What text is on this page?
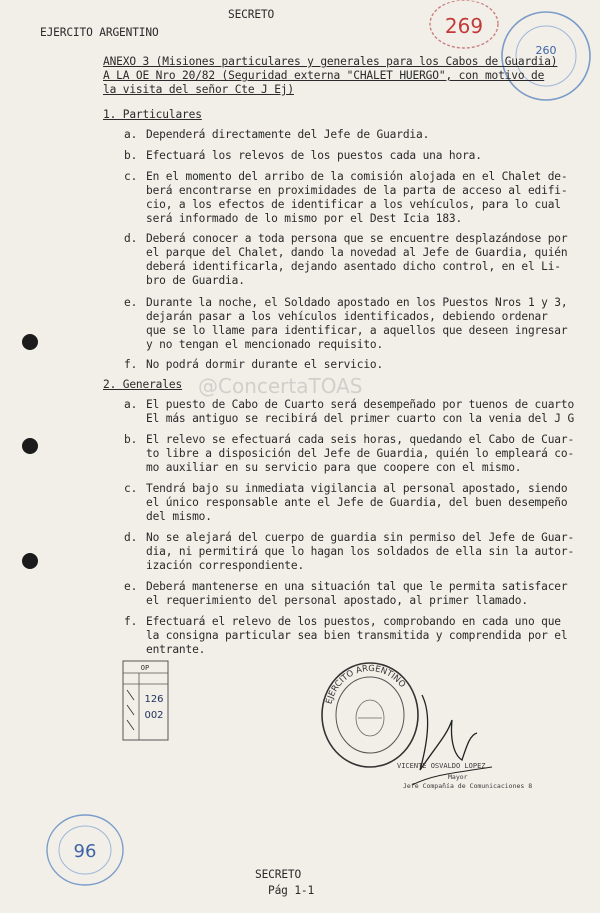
SECRETO
EJERCITO ARGENTINO	269
260
ANEXO 3 (Misiones particulares y generales para los Cabos de Guardia)
A LA OE Nro 20/82 (Seguridad externa "CHALET HUERGO", con motivo de
la visita del señor Cte J Ej)
1. Particulares
a. Dependerá directamente del Jefe de Guardia.
b. Efectuará los relevos de los puestos cada una hora.
c. En el momento del arribo de la comisión alojada en el Chalet de-
berá encontrarse en proximidades de la parta de acceso al edifi-
cio, a los efectos de identificar a los vehículos, para lo cual
será informado de lo mismo por el Dest Icia 183.
d. Deberá conocer a toda persona que se encuentre desplazándose por
el parque del Chalet, dando la novedad al Jefe de Guardia, quién
deberá identificarla, dejando asentado dicho control, en el Li-
bro de Guardia.
e. Durante la noche, el Soldado apostado en los Puestos Nros 1 y 3,
dejarán pasar a los vehículos identificados, debiendo ordenar
que se lo llame para identificar, a aquellos que deseen ingresar
y no tengan el mencionado requisito.
f. No podrá dormir durante el servicio.
2. Generales
a. El puesto de Cabo de Cuarto será desempeñado por tuenos de cuarto
El más antiguo se recibirá del primer cuarto con la venia del J G
b. El relevo se efectuará cada seis horas, quedando el Cabo de Cuar-
to libre a disposición del Jefe de Guardia, quién lo empleará co-
mo auxiliar en su servicio para que coopere con el mismo.
c. Tendrá bajo su inmediata vigilancia al personal apostado, siendo
el único responsable ante el Jefe de Guardia, del buen desempeño
del mismo.
d. No se alejará del cuerpo de guardia sin permiso del Jefe de Guar-
dia, ni permitirá que lo hagan los soldados de ella sin la autor-
ización correspondiente.
e. Deberá mantenerse en una situación tal que le permita satisfacer
el requerimiento del personal apostado, al primer llamado.
f. Efectuará el relevo de los puestos, comprobando en cada uno que
la consigna particular sea bien transmitida y comprendida por el
entrante.
@ConcertaTOAS
OP
126
002
EJERCITO ARGENTINO
VICENTE OSVALDO LOPEZ
Mayor
Jefe Compañía de Comunicaciones 8
96
SECRETO
Pág 1-1
